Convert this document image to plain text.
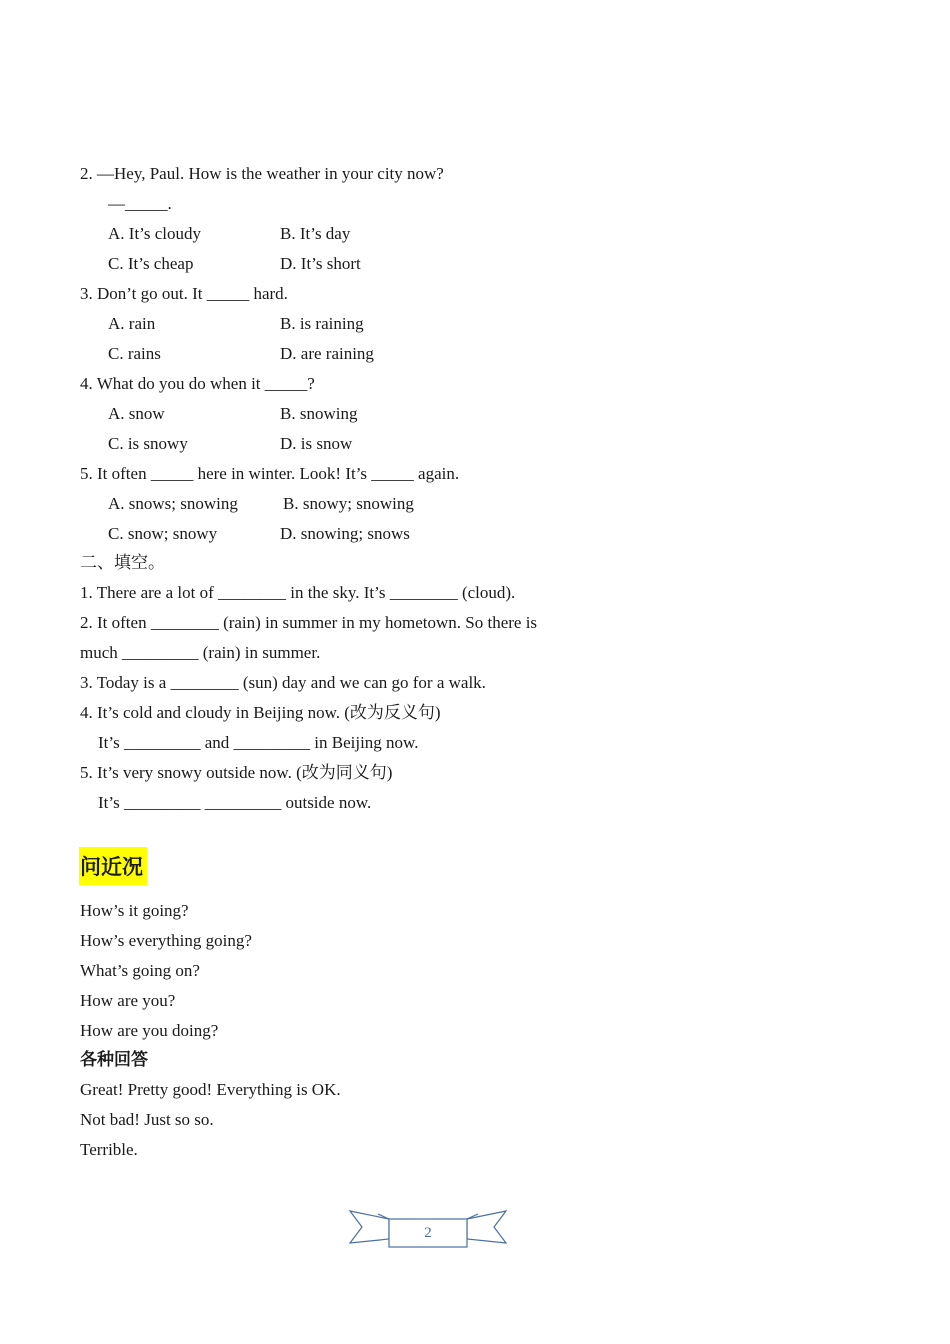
2. —Hey, Paul. How is the weather in your city now?
—_____.
A. It’s cloudy	B. It’s day
C. It’s cheap	D. It’s short
3. Don’t go out. It _____ hard.
A. rain	B. is raining
C. rains	D. are raining
4. What do you do when it _____?
A. snow	B. snowing
C. is snowy	D. is snow
5. It often _____ here in winter. Look! It’s _____ again.
A. snows; snowing	B. snowy; snowing
C. snow; snowy	D. snowing; snows
二、填空。
1. There are a lot of ________ in the sky. It’s ________ (cloud).
2. It often ________ (rain) in summer in my hometown. So there is
much _________ (rain) in summer.
3. Today is a ________ (sun) day and we can go for a walk.
4. It’s cold and cloudy in Beijing now. (改为反义句)
It’s _________ and _________ in Beijing now.
5. It’s very snowy outside now. (改为同义句)
It’s _________ _________ outside now.
问近况
How’s it going?
How’s everything going?
What’s going on?
How are you?
How are you doing?
各种回答
Great! Pretty good! Everything is OK.
Not bad! Just so so.
Terrible.
2
